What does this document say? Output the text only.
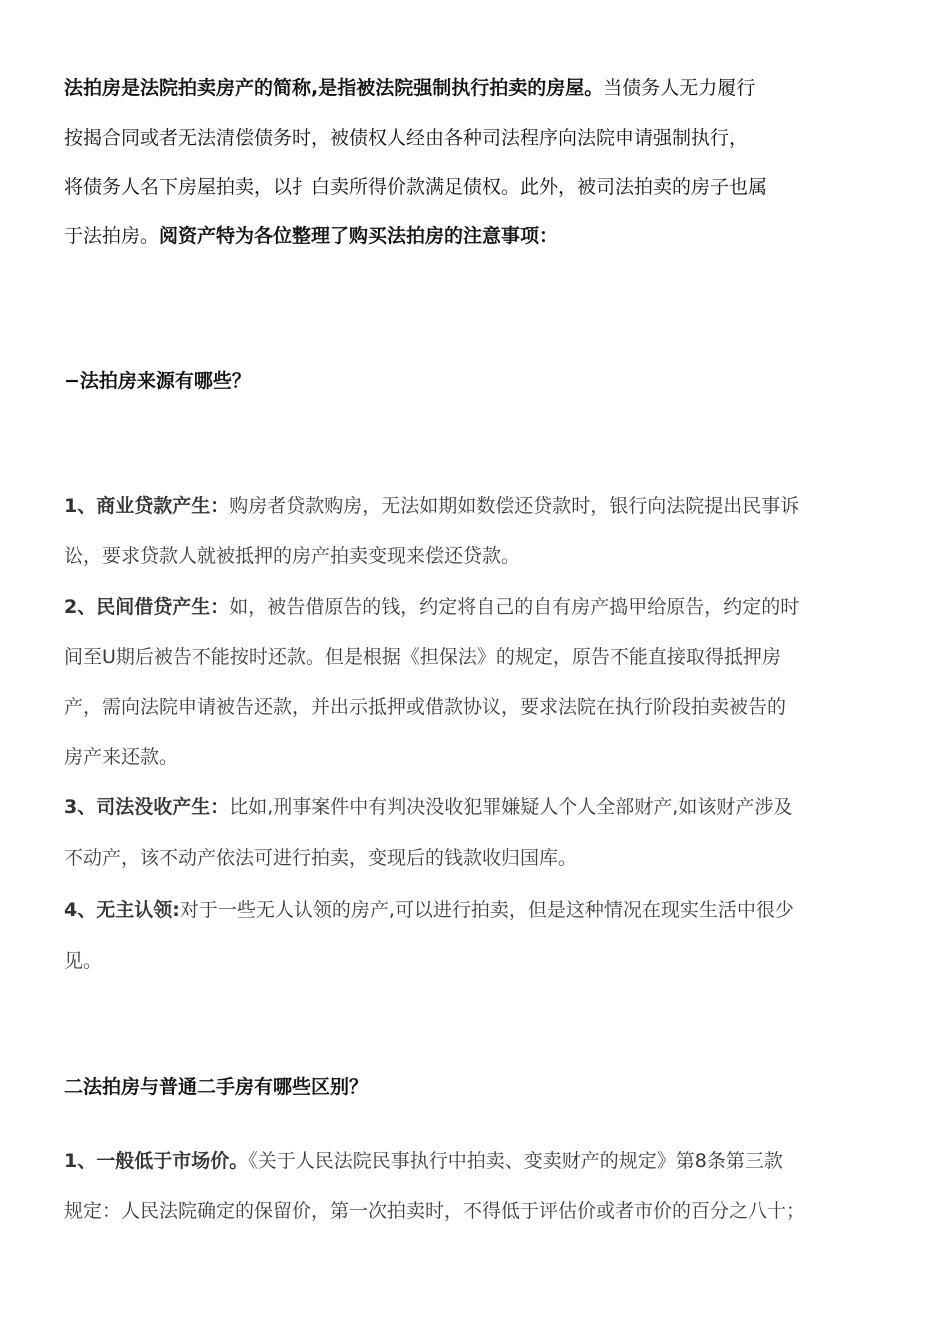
法拍房是法院拍卖房产的简称,是指被法院强制执行拍卖的房屋。当债务人无力履行
按揭合同或者无法清偿债务时，被债权人经由各种司法程序向法院申请强制执行，
将债务人名下房屋拍卖，以扌白卖所得价款满足债权。此外，被司法拍卖的房子也属
于法拍房。阅资产特为各位整理了购买法拍房的注意事项：
−法拍房来源有哪些？
1、商业贷款产生：购房者贷款购房，无法如期如数偿还贷款时，银行向法院提出民事诉
讼，要求贷款人就被抵押的房产拍卖变现来偿还贷款。
2、民间借贷产生：如，被告借原告的钱，约定将自己的自有房产捣甲给原告，约定的时
间至U期后被告不能按时还款。但是根据《担保法》的规定，原告不能直接取得抵押房
产，需向法院申请被告还款，并出示抵押或借款协议，要求法院在执行阶段拍卖被告的
房产来还款。
3、司法没收产生：比如,刑事案件中有判决没收犯罪嫌疑人个人全部财产,如该财产涉及
不动产，该不动产依法可进行拍卖，变现后的钱款收归国库。
4、无主认领:对于一些无人认领的房产,可以进行拍卖，但是这种情况在现实生活中很少
见。
二法拍房与普通二手房有哪些区别？
1、一般低于市场价。《关于人民法院民事执行中拍卖、变卖财产的规定》第8条第三款
规定：人民法院确定的保留价，第一次拍卖时，不得低于评估价或者市价的百分之八十；
